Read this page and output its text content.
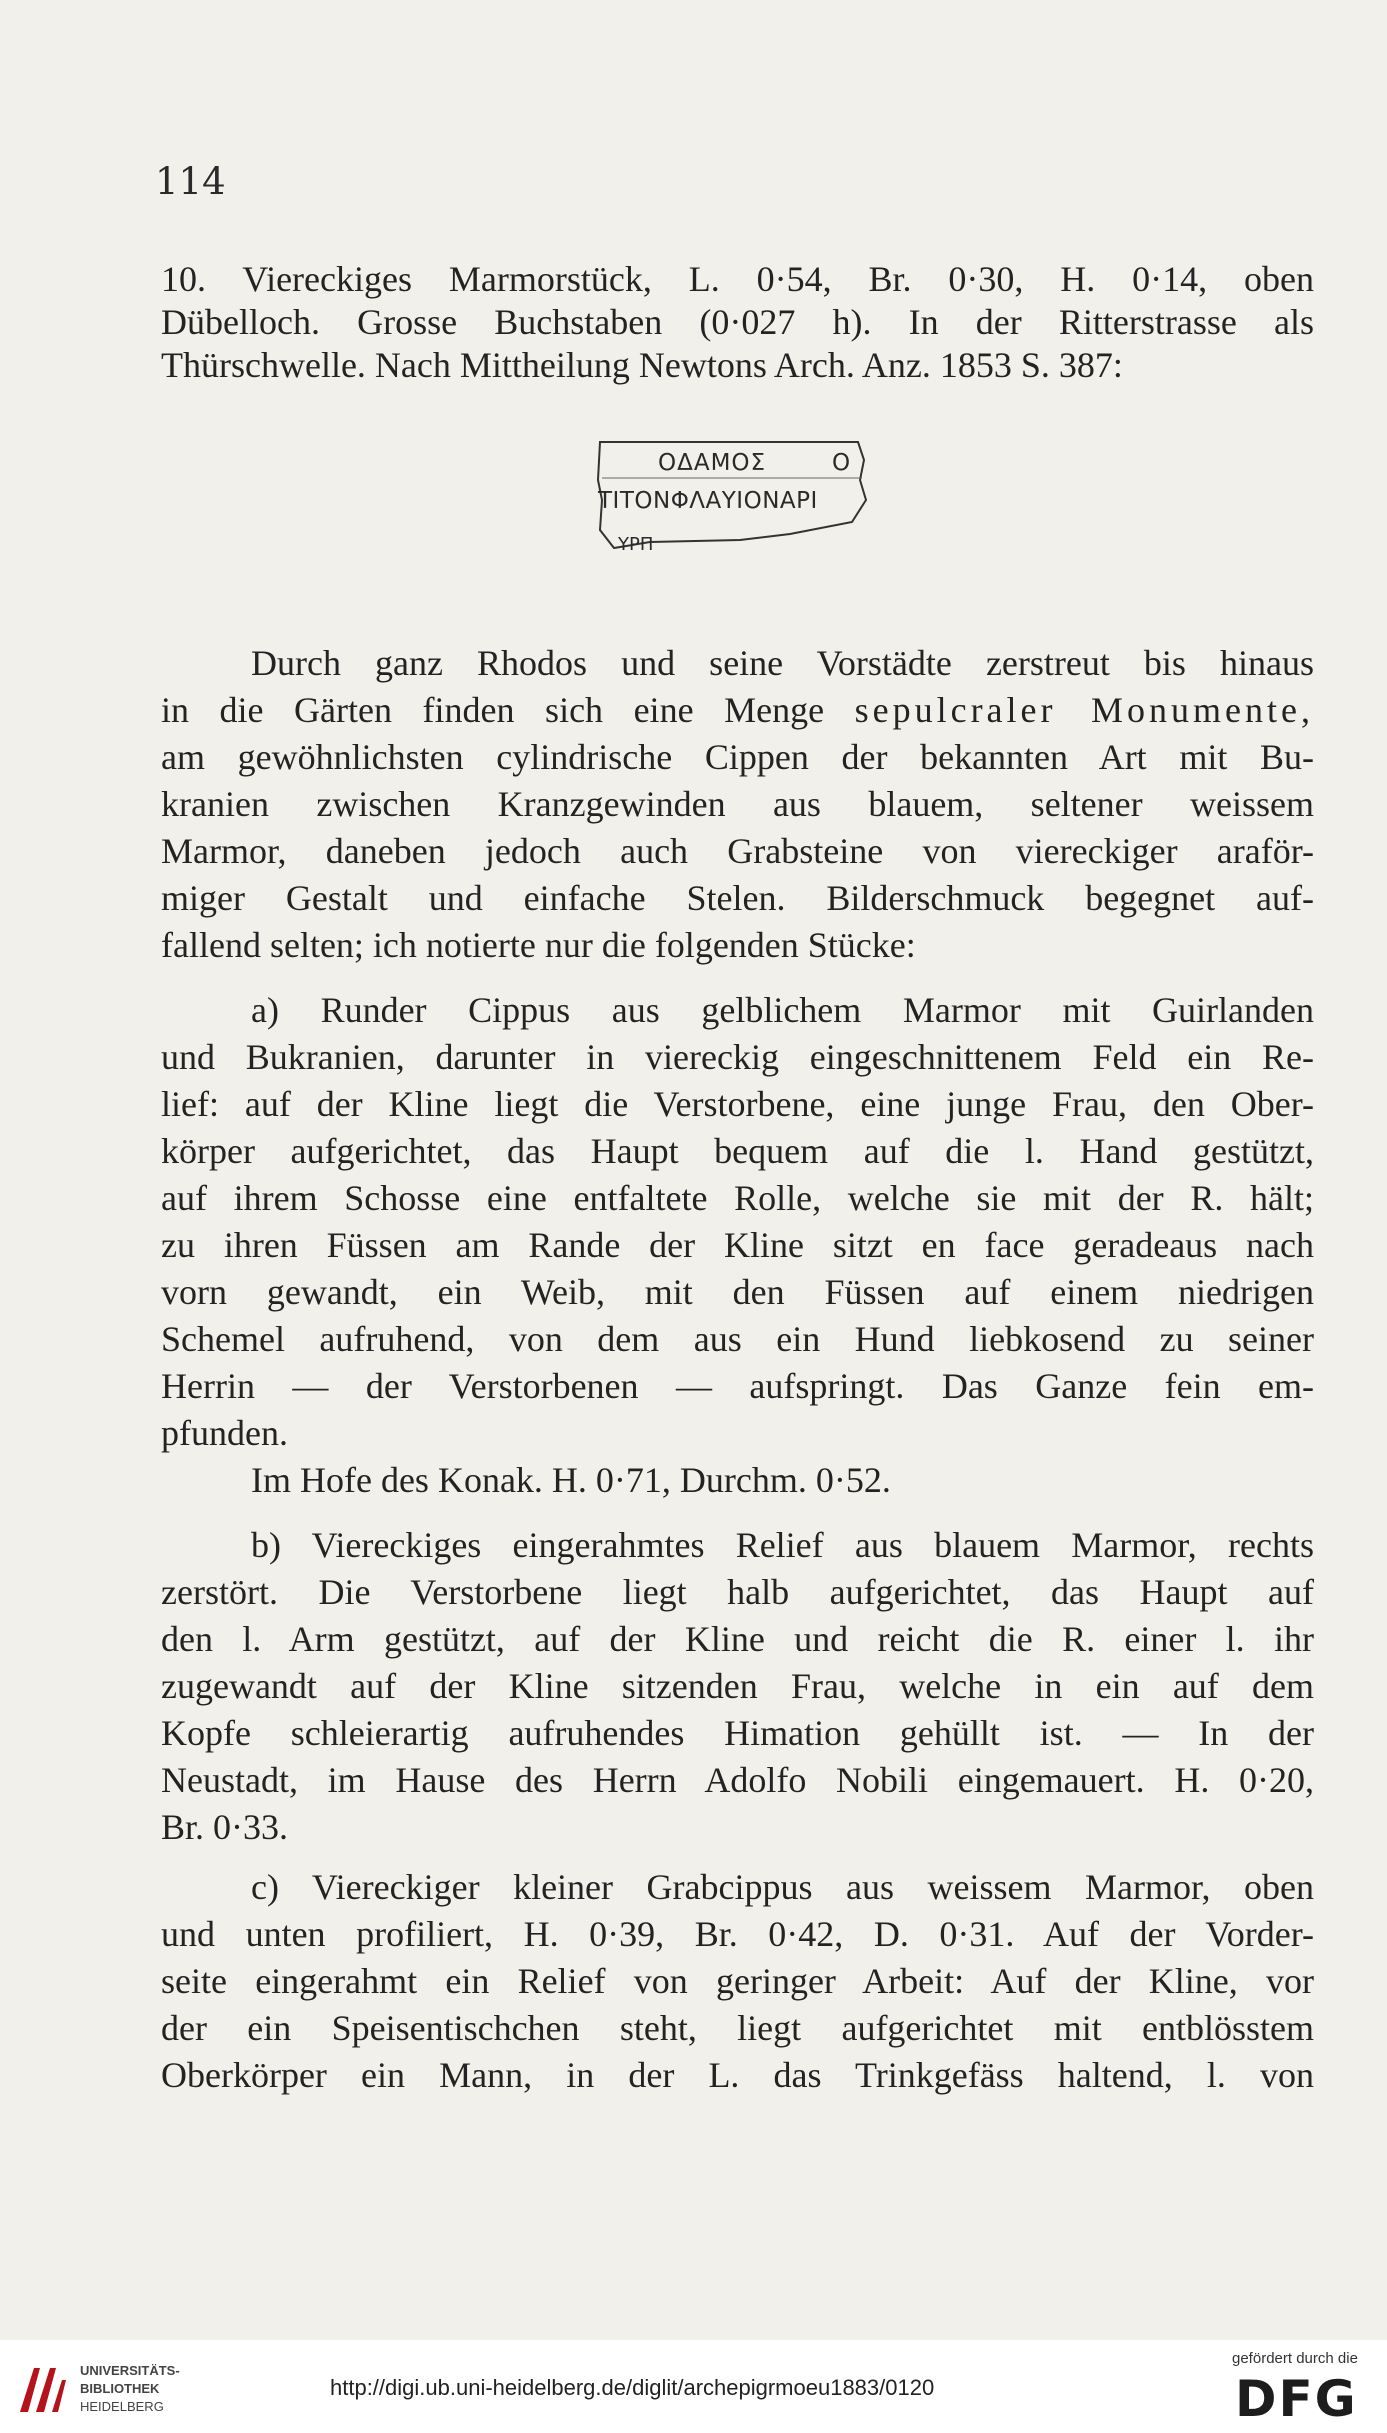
114
10. Viereckiges Marmorstück, L. 0·54, Br. 0·30, H. 0·14, oben
Dübelloch. Grosse Buchstaben (0·027 h). In der Ritterstrasse als
Thürschwelle. Nach Mittheilung Newtons Arch. Anz. 1853 S. 387:
ΟΔΑΜΟΣ	Ο
ΤΙΤΟΝΦΛΑΥΙΟΝΑΡΙ
ΥΡΠ
Durch ganz Rhodos und seine Vorstädte zerstreut bis hinaus
in die Gärten finden sich eine Menge sepulcraler Monumente,
am gewöhnlichsten cylindrische Cippen der bekannten Art mit Bu-
kranien zwischen Kranzgewinden aus blauem, seltener weissem
Marmor, daneben jedoch auch Grabsteine von viereckiger araför-
miger Gestalt und einfache Stelen. Bilderschmuck begegnet auf-
fallend selten; ich notierte nur die folgenden Stücke:
a) Runder Cippus aus gelblichem Marmor mit Guirlanden
und Bukranien, darunter in viereckig eingeschnittenem Feld ein Re-
lief: auf der Kline liegt die Verstorbene, eine junge Frau, den Ober-
körper aufgerichtet, das Haupt bequem auf die l. Hand gestützt,
auf ihrem Schosse eine entfaltete Rolle, welche sie mit der R. hält;
zu ihren Füssen am Rande der Kline sitzt en face geradeaus nach
vorn gewandt, ein Weib, mit den Füssen auf einem niedrigen
Schemel aufruhend, von dem aus ein Hund liebkosend zu seiner
Herrin — der Verstorbenen — aufspringt. Das Ganze fein em-
pfunden.
Im Hofe des Konak. H. 0·71, Durchm. 0·52.
b) Viereckiges eingerahmtes Relief aus blauem Marmor, rechts
zerstört. Die Verstorbene liegt halb aufgerichtet, das Haupt auf
den l. Arm gestützt, auf der Kline und reicht die R. einer l. ihr
zugewandt auf der Kline sitzenden Frau, welche in ein auf dem
Kopfe schleierartig aufruhendes Himation gehüllt ist. — In der
Neustadt, im Hause des Herrn Adolfo Nobili eingemauert. H. 0·20,
Br. 0·33.
c) Viereckiger kleiner Grabcippus aus weissem Marmor, oben
und unten profiliert, H. 0·39, Br. 0·42, D. 0·31. Auf der Vorder-
seite eingerahmt ein Relief von geringer Arbeit: Auf der Kline, vor
der ein Speisentischchen steht, liegt aufgerichtet mit entblösstem
Oberkörper ein Mann, in der L. das Trinkgefäss haltend, l. von
UNIVERSITÄTS-
BIBLIOTHEK
HEIDELBERG
http://digi.ub.uni-heidelberg.de/diglit/archepigrmoeu1883/0120
gefördert durch die
DFG
